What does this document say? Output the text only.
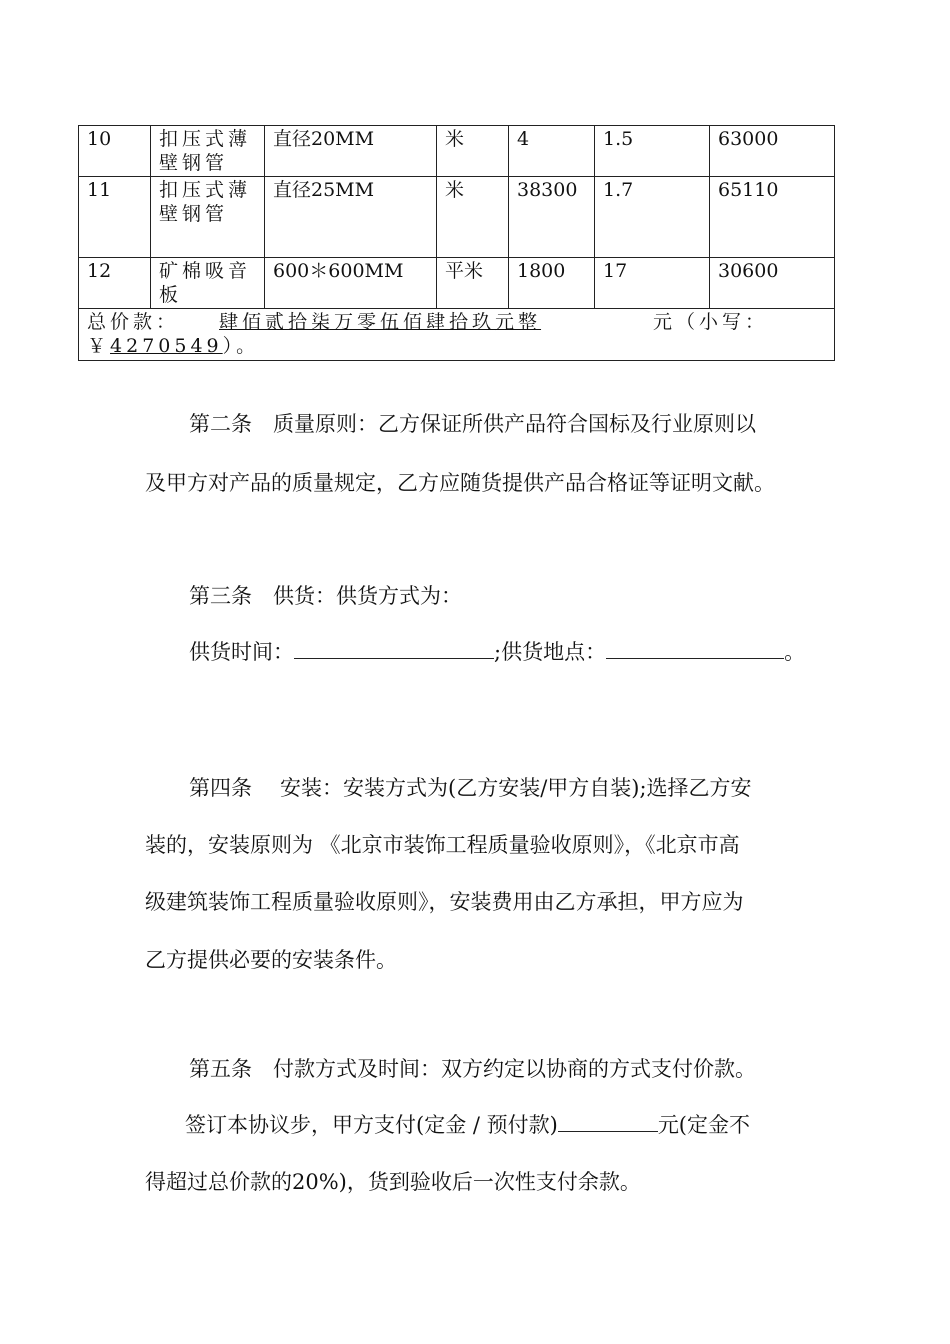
10	扣压式薄壁钢管	直径20MM	米	4	1.5	63000
11	扣压式薄壁钢管	直径25MM	米	38300	1.7	65110
12	矿棉吸音板	600＊600MM	平米	1800	17	30600
总价款： 肆佰贰拾柒万零伍佰肆拾玖元整 元（小写：
￥4270549）。						

第二条　质量原则：乙方保证所供产品符合国标及行业原则以

及甲方对产品的质量规定，乙方应随货提供产品合格证等证明文献。

第三条　供货：供货方式为：

供货时间：	;供货地点：	。

第四条 安装：安装方式为(乙方安装/甲方自装);选择乙方安

装的，安装原则为 《北京市装饰工程质量验收原则》，《北京市高

级建筑装饰工程质量验收原则》，安装费用由乙方承担，甲方应为

乙方提供必要的安装条件。

第五条　付款方式及时间：双方约定以协商的方式支付价款。

签订本协议步，甲方支付(定金 / 预付款)	元(定金不

得超过总价款的20%)，货到验收后一次性支付余款。
